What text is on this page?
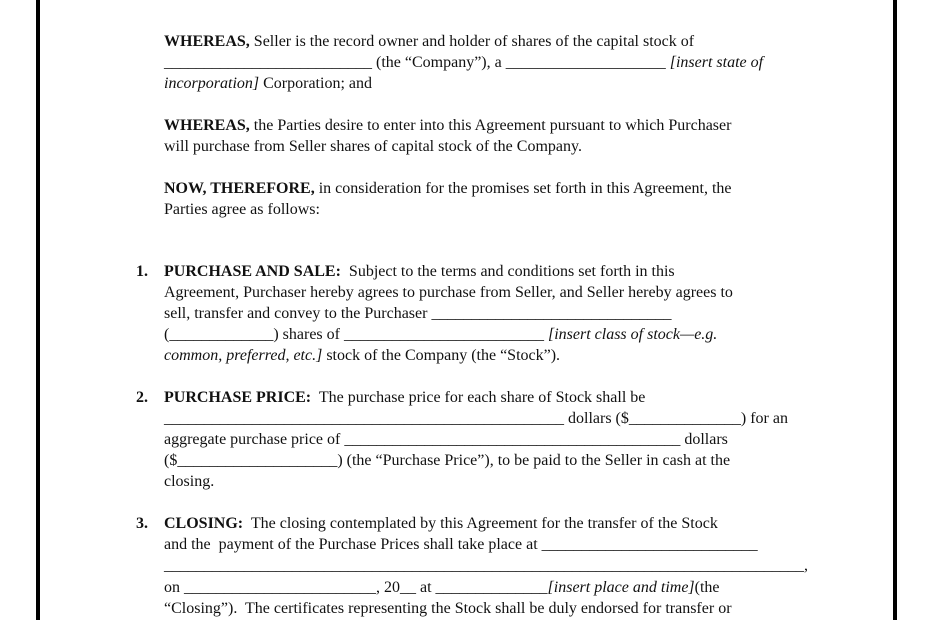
WHEREAS, Seller is the record owner and holder of shares of the capital stock of
__________________________ (the “Company”), a ____________________ [insert state of
incorporation] Corporation; and
WHEREAS, the Parties desire to enter into this Agreement pursuant to which Purchaser
will purchase from Seller shares of capital stock of the Company.
NOW, THEREFORE, in consideration for the promises set forth in this Agreement, the
Parties agree as follows:
1. PURCHASE AND SALE:  Subject to the terms and conditions set forth in this
Agreement, Purchaser hereby agrees to purchase from Seller, and Seller hereby agrees to
sell, transfer and convey to the Purchaser ______________________________
(_____________) shares of _________________________ [insert class of stock—e.g.
common, preferred, etc.] stock of the Company (the “Stock”).
2. PURCHASE PRICE:  The purchase price for each share of Stock shall be
__________________________________________________ dollars ($______________) for an
aggregate purchase price of __________________________________________ dollars
($____________________) (the “Purchase Price”), to be paid to the Seller in cash at the
closing.
3. CLOSING:  The closing contemplated by this Agreement for the transfer of the Stock
and the  payment of the Purchase Prices shall take place at ___________________________
________________________________________________________________________________,
on ________________________, 20__ at ______________[insert place and time](the
“Closing”).  The certificates representing the Stock shall be duly endorsed for transfer or
